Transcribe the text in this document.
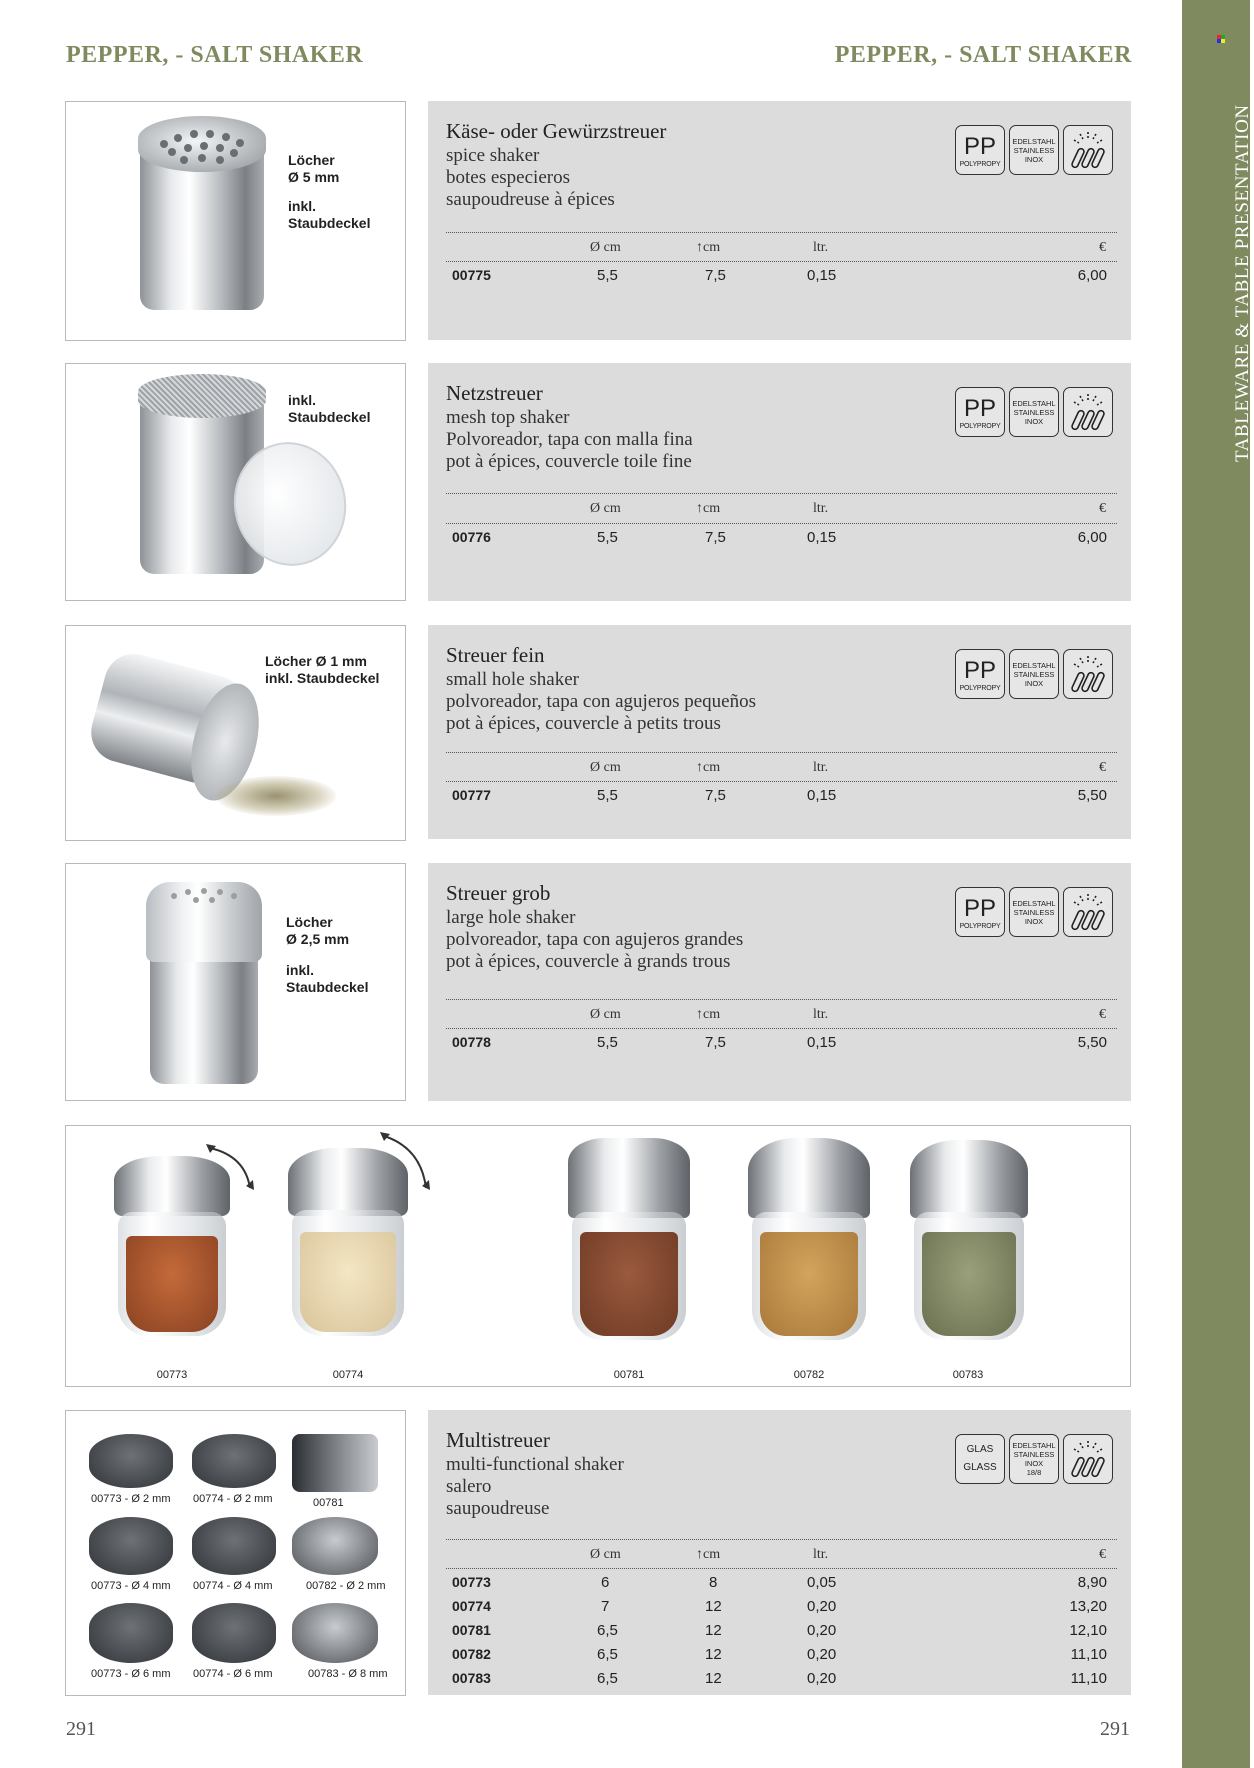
PEPPER, - SALT SHAKER	PEPPER, - SALT SHAKER
TABLEWARE & TABLE PRESENTATION
Löcher
Ø 5 mm
inkl.
Staubdeckel
Käse- oder Gewürzstreuer
spice shaker
botes especieros
saupoudreuse à épices
PP
POLYPROPY
EDELSTAHL
STAINLESS
INOX
Ø cm	↑cm	ltr.	€
00775	5,5	7,5	0,15	6,00
inkl.
Staubdeckel
Netzstreuer
mesh top shaker
Polvoreador, tapa con malla fina
pot à épices, couvercle toile fine
PP
POLYPROPY
EDELSTAHL
STAINLESS
INOX
Ø cm	↑cm	ltr.	€
00776	5,5	7,5	0,15	6,00
Löcher Ø 1 mm
inkl. Staubdeckel
Streuer fein
small hole shaker
polvoreador, tapa con agujeros pequeños
pot à épices, couvercle à petits trous
PP
POLYPROPY
EDELSTAHL
STAINLESS
INOX
Ø cm	↑cm	ltr.	€
00777	5,5	7,5	0,15	5,50
Löcher
Ø 2,5 mm
inkl.
Staubdeckel
Streuer grob
large hole shaker
polvoreador, tapa con agujeros grandes
pot à épices, couvercle à grands trous
PP
POLYPROPY
EDELSTAHL
STAINLESS
INOX
Ø cm	↑cm	ltr.	€
00778	5,5	7,5	0,15	5,50
00773	00774	00781	00782	00783
00773 - Ø 2 mm 00774 - Ø 2 mm	00781
00773 - Ø 4 mm 00774 - Ø 4 mm	00782 - Ø 2 mm
00773 - Ø 6 mm 00774 - Ø 6 mm	00783 - Ø 8 mm
Multistreuer
multi-functional shaker
salero
saupoudreuse
GLAS
GLASS
EDELSTAHL
STAINLESS
INOX
18/8
Ø cm	↑cm	ltr.	€
00773	6	8	0,05	8,90
00774	7	12	0,20	13,20
00781	6,5	12	0,20	12,10
00782	6,5	12	0,20	11,10
00783	6,5	12	0,20	11,10
291	291
